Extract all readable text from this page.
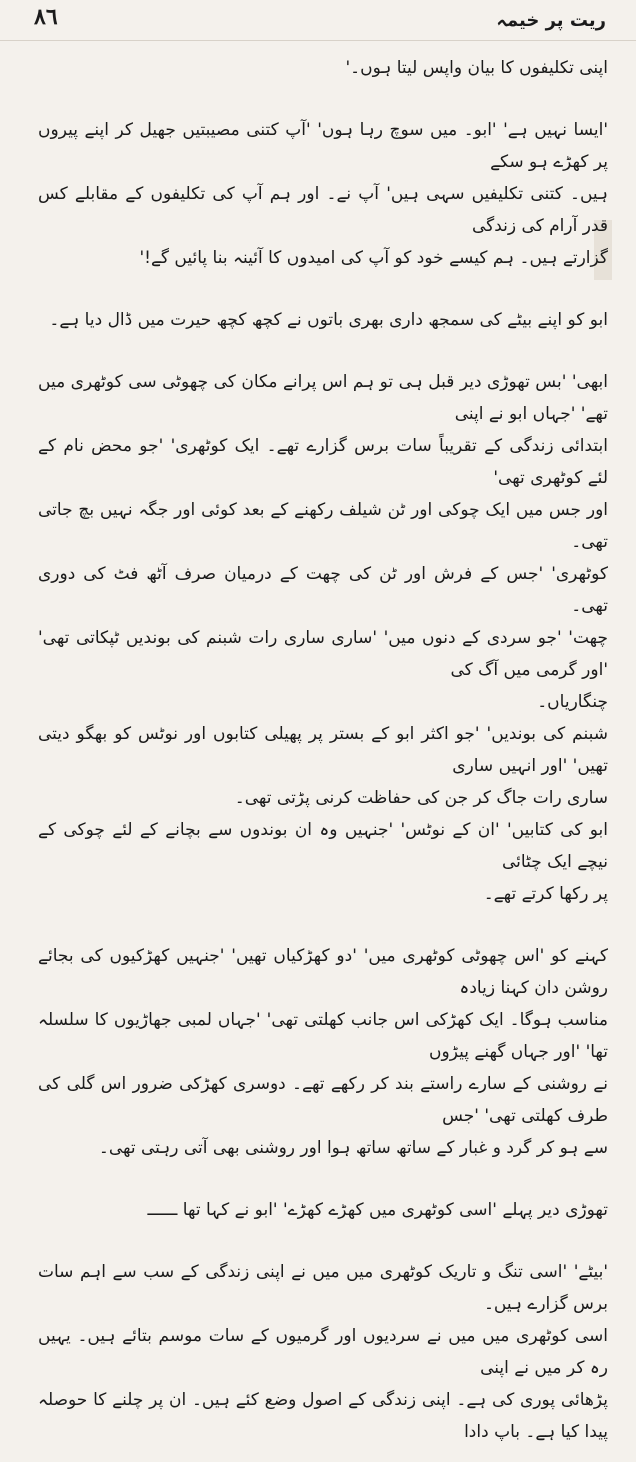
٨٦	ریت پر خیمہ

اپنی تکلیفوں کا بیان واپس لیتا ہوں۔'

'ایسا نہیں ہے' 'ابو۔ میں سوچ رہا ہوں' 'آپ کتنی مصیبتیں جھیل کر اپنے پیروں پر کھڑے ہو سکے
ہیں۔ کتنی تکلیفیں سہی ہیں' آپ نے۔ اور ہم آپ کی تکلیفوں کے مقابلے کس قدر آرام کی زندگی
گزارتے ہیں۔ ہم کیسے خود کو آپ کی امیدوں کا آئینہ بنا پائیں گے!'

ابو کو اپنے بیٹے کی سمجھ داری بھری باتوں نے کچھ کچھ حیرت میں ڈال دیا ہے۔

ابھی' 'بس تھوڑی دیر قبل ہی تو ہم اس پرانے مکان کی چھوٹی سی کوٹھری میں تھے' 'جہاں ابو نے اپنی
ابتدائی زندگی کے تقریباً سات برس گزارے تھے۔ ایک کوٹھری' 'جو محض نام کے لئے کوٹھری تھی'
اور جس میں ایک چوکی اور ٹن شیلف رکھنے کے بعد کوئی اور جگہ نہیں بچ جاتی تھی۔
کوٹھری' 'جس کے فرش اور ٹن کی چھت کے درمیان صرف آٹھ فٹ کی دوری تھی۔
چھت' 'جو سردی کے دنوں میں' 'ساری ساری رات شبنم کی بوندیں ٹپکاتی تھی' 'اور گرمی میں آگ کی
چنگاریاں۔
شبنم کی بوندیں' 'جو اکثر ابو کے بستر پر پھیلی کتابوں اور نوٹس کو بھگو دیتی تھیں' 'اور انہیں ساری
ساری رات جاگ کر جن کی حفاظت کرنی پڑتی تھی۔
ابو کی کتابیں' 'ان کے نوٹس' 'جنہیں وہ ان بوندوں سے بچانے کے لئے چوکی کے نیچے ایک چٹائی
پر رکھا کرتے تھے۔

کہنے کو 'اس چھوٹی کوٹھری میں' 'دو کھڑکیاں تھیں' 'جنہیں کھڑکیوں کی بجائے روشن دان کہنا زیادہ
مناسب ہوگا۔ ایک کھڑکی اس جانب کھلتی تھی' 'جہاں لمبی جھاڑیوں کا سلسلہ تھا' 'اور جہاں گھنے پیڑوں
نے روشنی کے سارے راستے بند کر رکھے تھے۔ دوسری کھڑکی ضرور اس گلی کی طرف کھلتی تھی' 'جس
سے ہو کر گرد و غبار کے ساتھ ساتھ ہوا اور روشنی بھی آتی رہتی تھی۔

تھوڑی دیر پہلے 'اسی کوٹھری میں کھڑے کھڑے' 'ابو نے کہا تھا ــــــ

'بیٹے' 'اسی تنگ و تاریک کوٹھری میں میں نے اپنی زندگی کے سب سے اہم سات برس گزارے ہیں۔
اسی کوٹھری میں میں نے سردیوں اور گرمیوں کے سات موسم بتائے ہیں۔ یہیں رہ کر میں نے اپنی
پڑھائی پوری کی ہے۔ اپنی زندگی کے اصول وضع کئے ہیں۔ ان پر چلنے کا حوصلہ پیدا کیا ہے۔ باپ دادا
